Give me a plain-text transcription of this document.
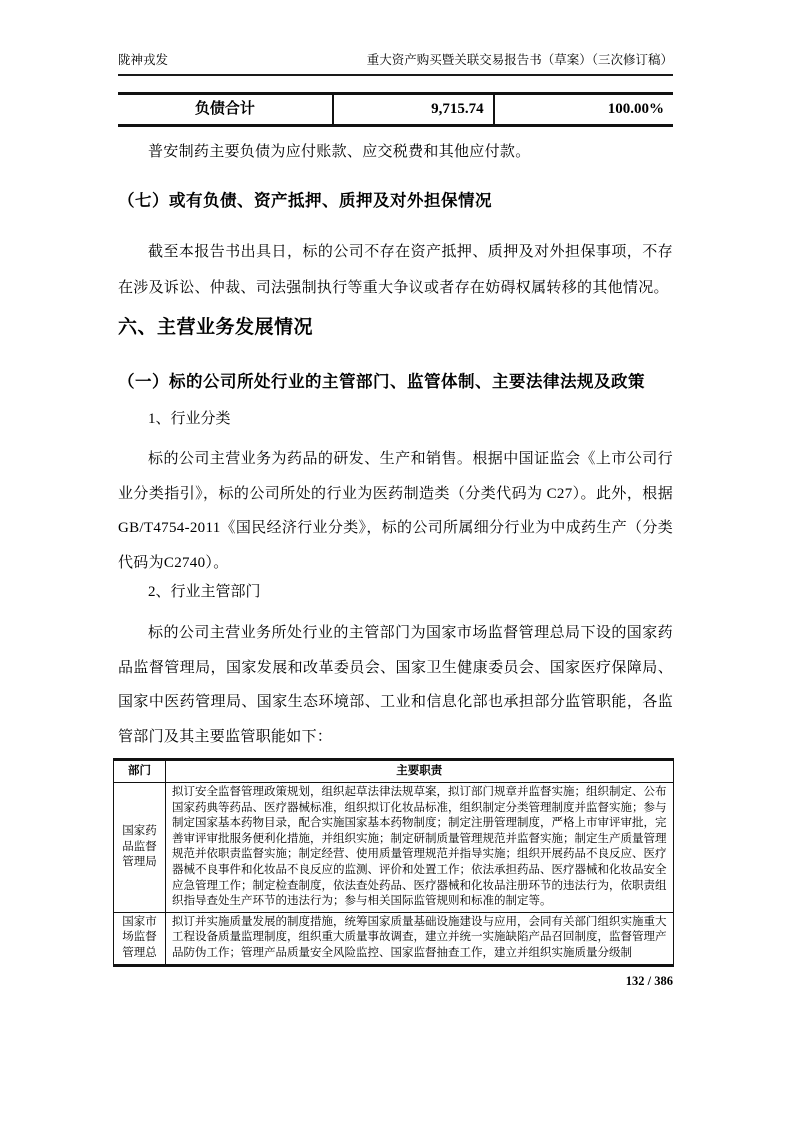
陇神戎发	重大资产购买暨关联交易报告书（草案）（三次修订稿）
负债合计	9,715.74	100.00%

普安制药主要负债为应付账款、应交税费和其他应付款。

（七）或有负债、资产抵押、质押及对外担保情况

截至本报告书出具日，标的公司不存在资产抵押、质押及对外担保事项，不存在涉及诉讼、仲裁、司法强制执行等重大争议或者存在妨碍权属转移的其他情况。

六、主营业务发展情况
（一）标的公司所处行业的主管部门、监管体制、主要法律法规及政策

1、行业分类

标的公司主营业务为药品的研发、生产和销售。根据中国证监会《上市公司行业分类指引》，标的公司所处的行业为医药制造类（分类代码为 C27）。此外，根据 GB/T4754-2011《国民经济行业分类》，标的公司所属细分行业为中成药生产（分类代码为C2740）。

2、行业主管部门

标的公司主营业务所处行业的主管部门为国家市场监督管理总局下设的国家药品监督管理局，国家发展和改革委员会、国家卫生健康委员会、国家医疗保障局、国家中医药管理局、国家生态环境部、工业和信息化部也承担部分监管职能，各监管部门及其主要监管职能如下：

部门	主要职责
国家药品监督管理局	拟订安全监督管理政策规划，组织起草法律法规草案，拟订部门规章并监督实施；组织制定、公布国家药典等药品、医疗器械标准，组织拟订化妆品标准，组织制定分类管理制度并监督实施；参与制定国家基本药物目录，配合实施国家基本药物制度；制定注册管理制度，严格上市审评审批，完善审评审批服务便利化措施，并组织实施；制定研制质量管理规范并监督实施；制定生产质量管理规范并依职责监督实施；制定经营、使用质量管理规范并指导实施；组织开展药品不良反应、医疗器械不良事件和化妆品不良反应的监测、评价和处置工作；依法承担药品、医疗器械和化妆品安全应急管理工作；制定检查制度，依法查处药品、医疗器械和化妆品注册环节的违法行为，依职责组织指导查处生产环节的违法行为；参与相关国际监管规则和标准的制定等。
国家市场监督管理总	拟订并实施质量发展的制度措施，统筹国家质量基础设施建设与应用，会同有关部门组织实施重大工程设备质量监理制度，组织重大质量事故调查，建立并统一实施缺陷产品召回制度，监督管理产品防伪工作；管理产品质量安全风险监控、国家监督抽查工作，建立并组织实施质量分级制
132 / 386
